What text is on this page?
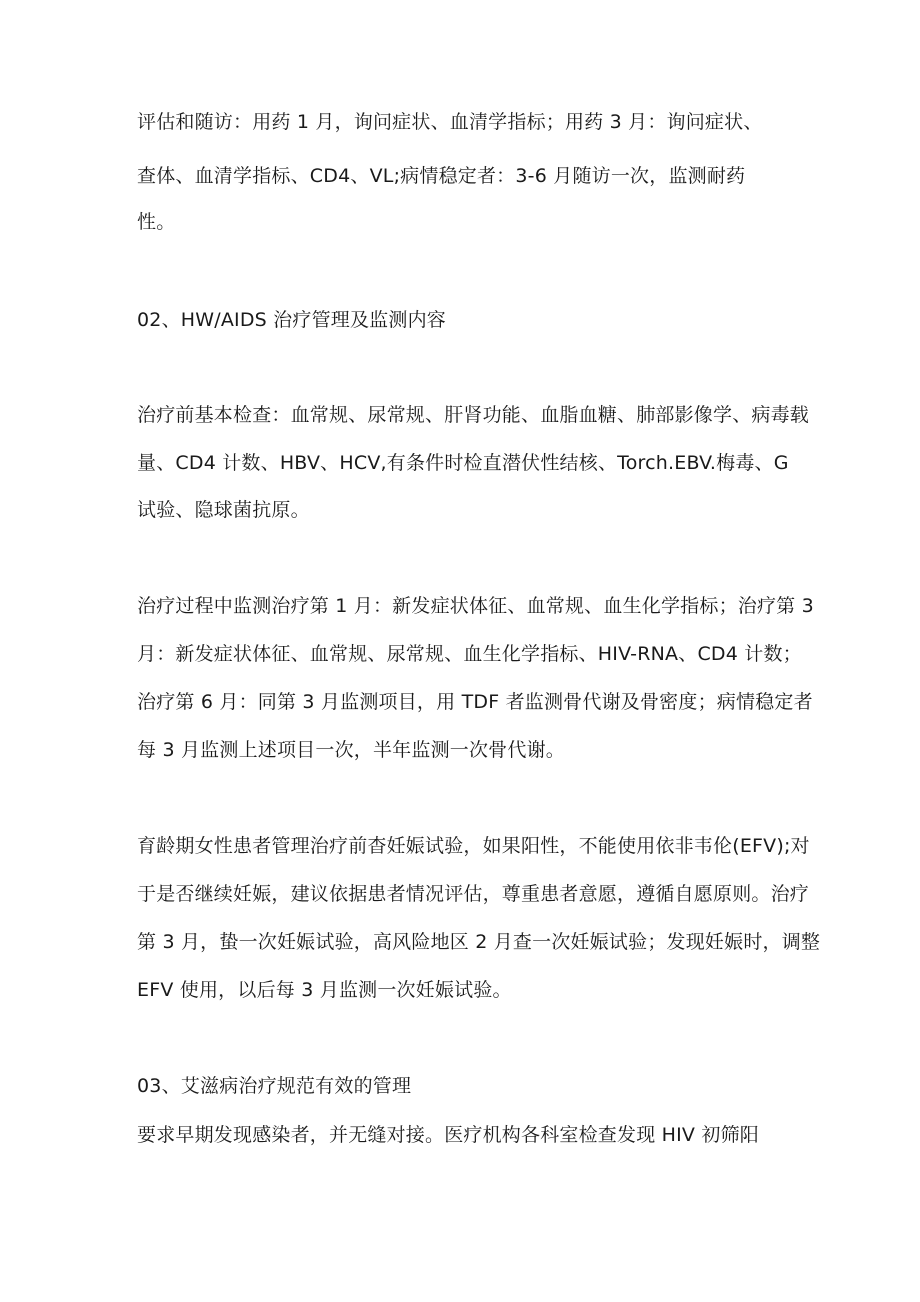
评估和随访：用药 1 月，询问症状、血清学指标；用药 3 月：询问症状、
查体、血清学指标、CD4、VL;病情稳定者：3-6 月随访一次，监测耐药
性。
02、HW/AIDS 治疗管理及监测内容
治疗前基本检查：血常规、尿常规、肝肾功能、血脂血糖、肺部影像学、病毒载
量、CD4 计数、HBV、HCV,有条件时检直潜伏性结核、Torch.EBV.梅毒、G
试验、隐球菌抗原。
治疗过程中监测治疗第 1 月：新发症状体征、血常规、血生化学指标；治疗第 3
月：新发症状体征、血常规、尿常规、血生化学指标、HIV-RNA、CD4 计数；
治疗第 6 月：同第 3 月监测项目，用 TDF 者监测骨代谢及骨密度；病情稳定者
每 3 月监测上述项目一次，半年监测一次骨代谢。
育龄期女性患者管理治疗前杳妊娠试验，如果阳性，不能使用依非韦伦(EFV);对
于是否继续妊娠，建议依据患者情况评估，尊重患者意愿，遵循自愿原则。治疗
第 3 月，蛰一次妊娠试验，高风险地区 2 月查一次妊娠试验；发现妊娠时，调整
EFV 使用，以后每 3 月监测一次妊娠试验。
03、艾滋病治疗规范有效的管理
要求早期发现感染者，并无缝对接。医疗机构各科室检查发现 HIV 初筛阳
